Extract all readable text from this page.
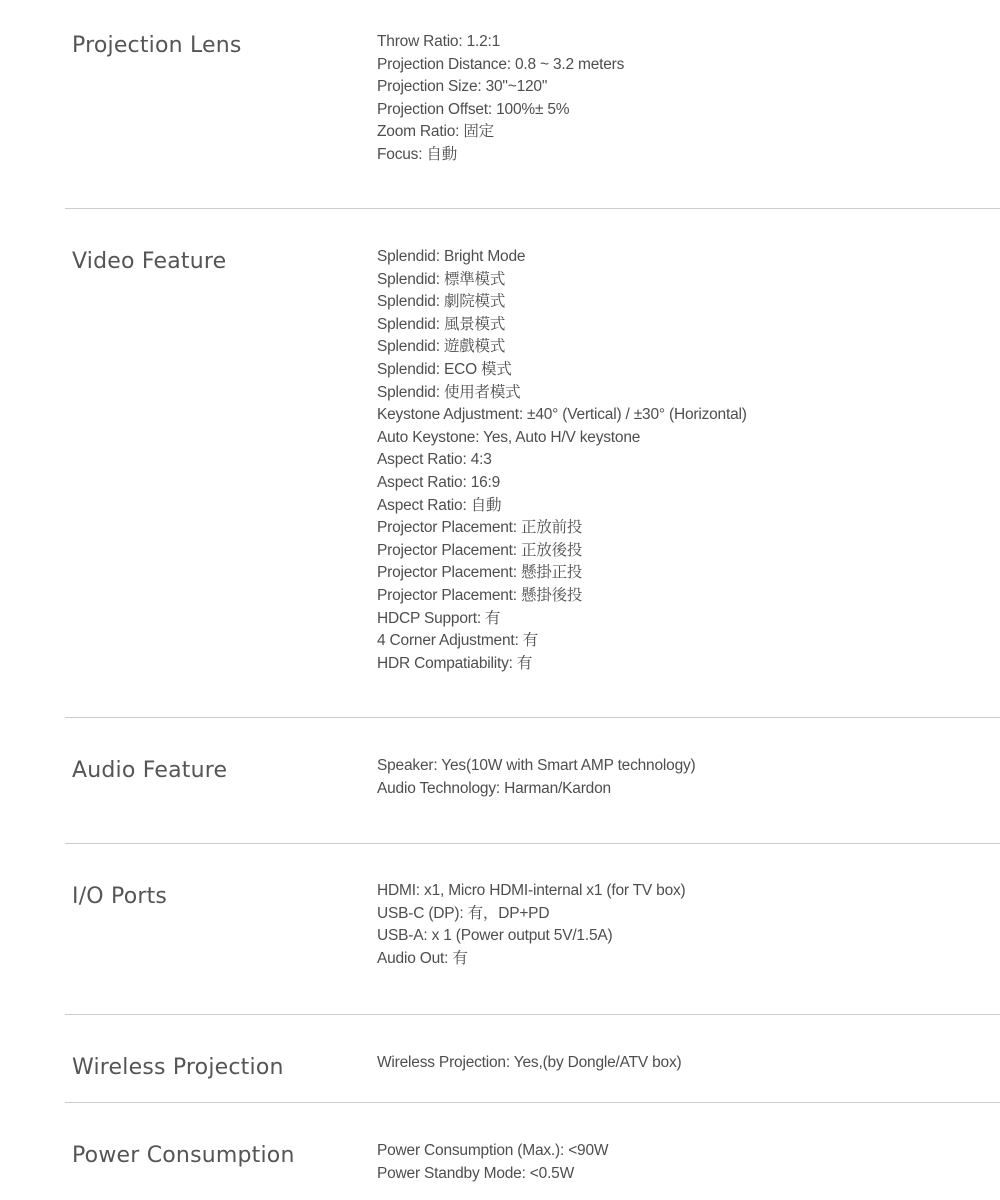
Projection Lens	Throw Ratio: 1.2:1
Projection Distance: 0.8 ~ 3.2 meters
Projection Size: 30"~120"
Projection Offset: 100%± 5%
Zoom Ratio: 固定
Focus: 自動
Video Feature	Splendid: Bright Mode
Splendid: 標準模式
Splendid: 劇院模式
Splendid: 風景模式
Splendid: 遊戲模式
Splendid: ECO 模式
Splendid: 使用者模式
Keystone Adjustment: ±40° (Vertical) / ±30° (Horizontal)
Auto Keystone: Yes, Auto H/V keystone
Aspect Ratio: 4:3
Aspect Ratio: 16:9
Aspect Ratio: 自動
Projector Placement: 正放前投
Projector Placement: 正放後投
Projector Placement: 懸掛正投
Projector Placement: 懸掛後投
HDCP Support: 有
4 Corner Adjustment: 有
HDR Compatiability: 有
Audio Feature	Speaker: Yes(10W with Smart AMP technology)
Audio Technology: Harman/Kardon
I/O Ports	HDMI: x1, Micro HDMI-internal x1 (for TV box)
USB-C (DP): 有，DP+PD
USB-A: x 1 (Power output 5V/1.5A)
Audio Out: 有
Wireless Projection	Wireless Projection: Yes,(by Dongle/ATV box)
Power Consumption	Power Consumption (Max.): <90W
Power Standby Mode: <0.5W
